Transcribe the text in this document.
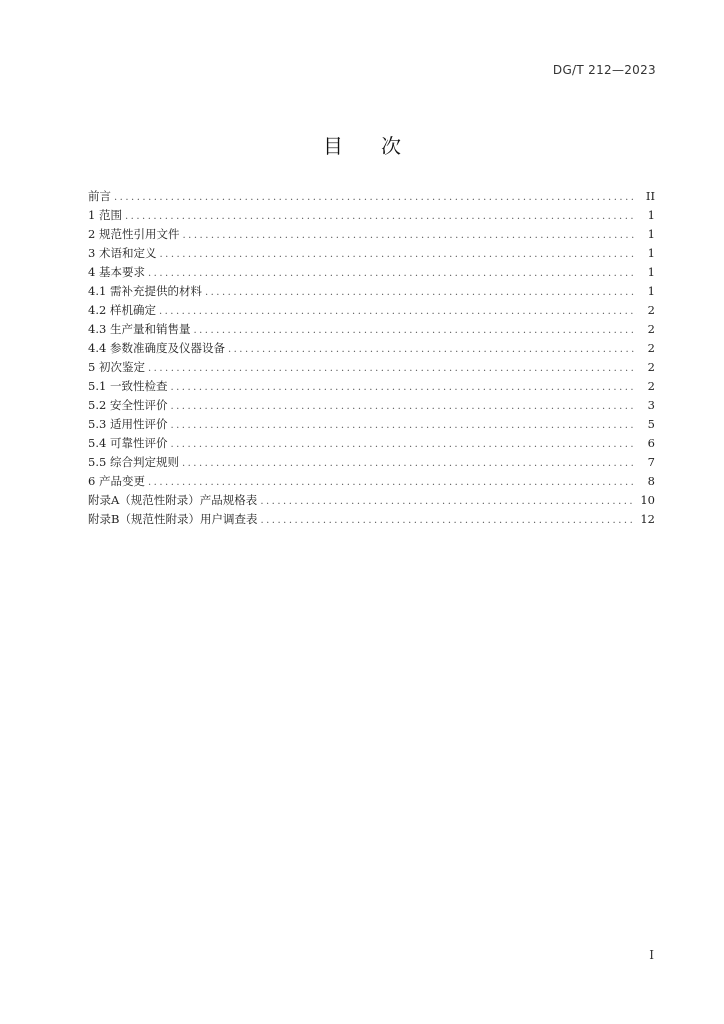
DG/T 212—2023
目次
前言 .....	II
1 范围 .....	1
2 规范性引用文件 .....	1
3 术语和定义 .....	1
4 基本要求 .....	1
4.1 需补充提供的材料 .....	1
4.2 样机确定 .....	2
4.3 生产量和销售量 .....	2
4.4 参数准确度及仪器设备 .....	2
5 初次鉴定 .....	2
5.1 一致性检查 .....	2
5.2 安全性评价 .....	3
5.3 适用性评价 .....	5
5.4 可靠性评价 .....	6
5.5 综合判定规则 .....	7
6 产品变更 .....	8
附录A（规范性附录）产品规格表 .....	10
附录B（规范性附录）用户调查表 .....	12
I
